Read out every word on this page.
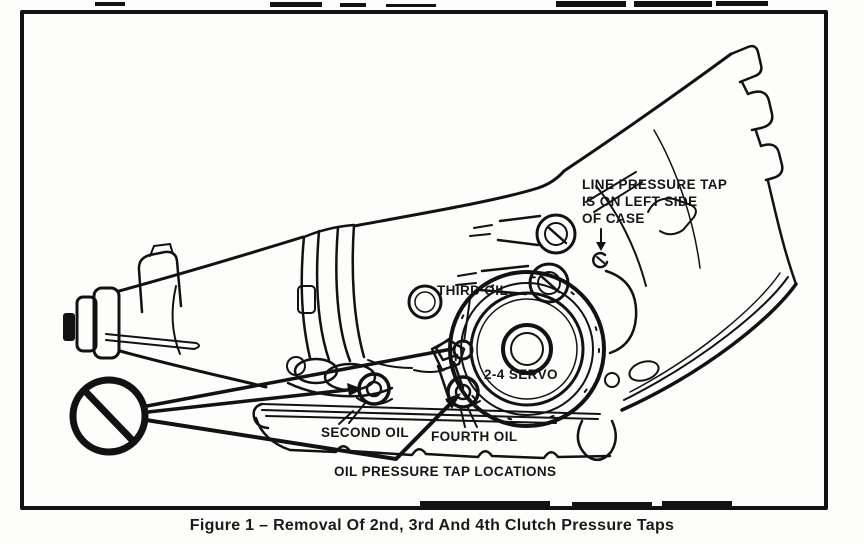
LINE PRESSURE TAP
IS ON LEFT SIDE
OF CASE
THIRD OIL
2-4 SERVO
SECOND OIL FOURTH OIL
OIL PRESSURE TAP LOCATIONS
Figure 1 – Removal Of 2nd, 3rd And 4th Clutch Pressure Taps
